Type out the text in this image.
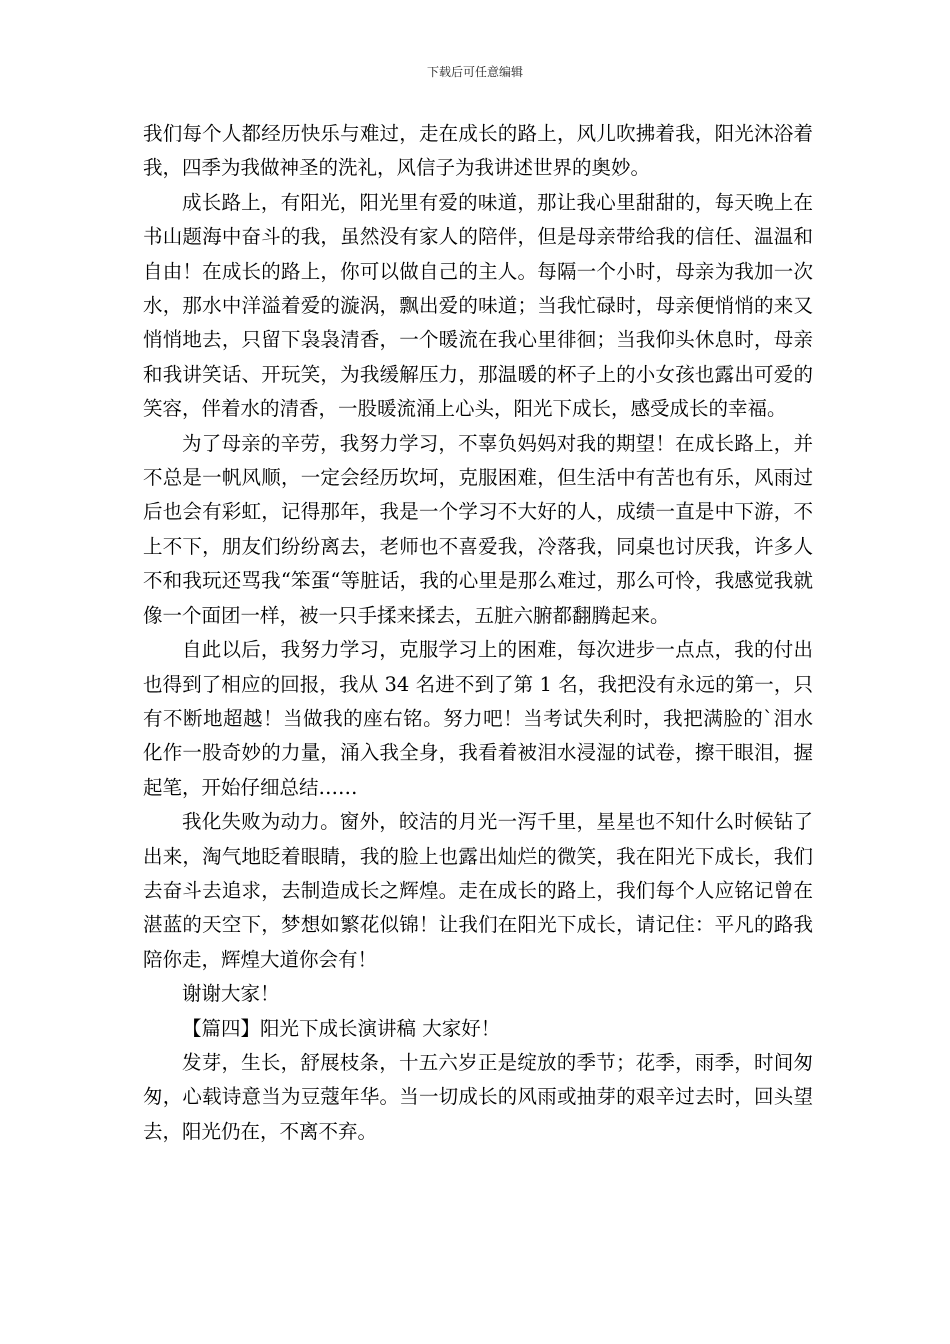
下载后可任意编辑

我们每个人都经历快乐与难过，走在成长的路上，风儿吹拂着我，阳光沐浴着我，四季为我做神圣的洗礼，风信子为我讲述世界的奥妙。

成长路上，有阳光，阳光里有爱的味道，那让我心里甜甜的，每天晚上在书山题海中奋斗的我，虽然没有家人的陪伴，但是母亲带给我的信任、温温和自由！在成长的路上，你可以做自己的主人。每隔一个小时，母亲为我加一次水，那水中洋溢着爱的漩涡，飘出爱的味道；当我忙碌时，母亲便悄悄的来又悄悄地去，只留下袅袅清香，一个暖流在我心里徘徊；当我仰头休息时，母亲和我讲笑话、开玩笑，为我缓解压力，那温暖的杯子上的小女孩也露出可爱的笑容，伴着水的清香，一股暖流涌上心头，阳光下成长，感受成长的幸福。

为了母亲的辛劳，我努力学习，不辜负妈妈对我的期望！在成长路上，并不总是一帆风顺，一定会经历坎坷，克服困难，但生活中有苦也有乐，风雨过后也会有彩虹，记得那年，我是一个学习不大好的人，成绩一直是中下游，不上不下，朋友们纷纷离去，老师也不喜爱我，冷落我，同桌也讨厌我，许多人不和我玩还骂我“笨蛋“等脏话，我的心里是那么难过，那么可怜，我感觉我就像一个面团一样，被一只手揉来揉去，五脏六腑都翻腾起来。

自此以后，我努力学习，克服学习上的困难，每次进步一点点，我的付出也得到了相应的回报，我从 34 名进不到了第 1 名，我把没有永远的第一，只有不断地超越！当做我的座右铭。努力吧！当考试失利时，我把满脸的`泪水化作一股奇妙的力量，涌入我全身，我看着被泪水浸湿的试卷，擦干眼泪，握起笔，开始仔细总结……

我化失败为动力。窗外，皎洁的月光一泻千里，星星也不知什么时候钻了出来，淘气地眨着眼睛，我的脸上也露出灿烂的微笑，我在阳光下成长，我们去奋斗去追求，去制造成长之辉煌。走在成长的路上，我们每个人应铭记曾在湛蓝的天空下，梦想如繁花似锦！让我们在阳光下成长，请记住：平凡的路我陪你走，辉煌大道你会有！

谢谢大家！

【篇四】阳光下成长演讲稿 大家好！

发芽，生长，舒展枝条，十五六岁正是绽放的季节；花季，雨季，时间匆匆，心载诗意当为豆蔻年华。当一切成长的风雨或抽芽的艰辛过去时，回头望去，阳光仍在，不离不弃。
